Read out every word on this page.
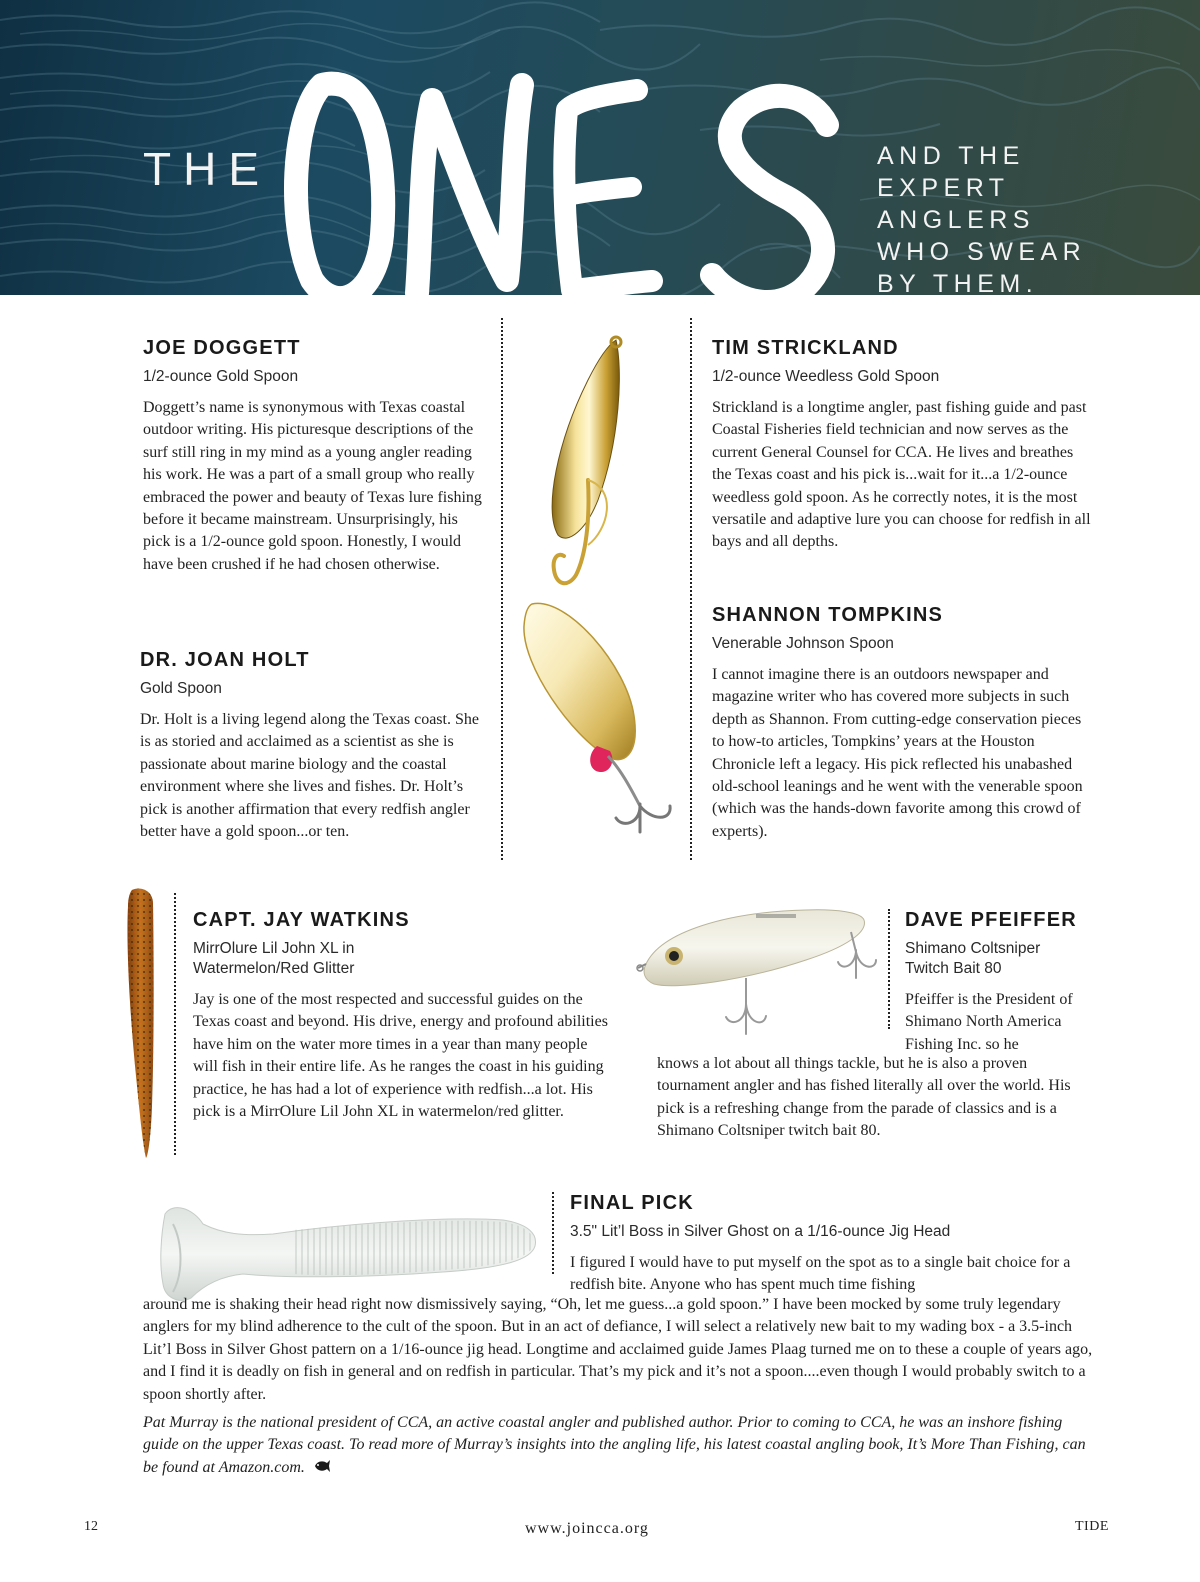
THE	AND THE
EXPERT
ANGLERS
WHO SWEAR
BY THEM.
JOE DOGGETT
1/2-ounce Gold Spoon
Doggett’s name is synonymous with Texas coastal outdoor writing. His picturesque descriptions of the surf still ring in my mind as a young angler reading his work. He was a part of a small group who really embraced the power and beauty of Texas lure fishing before it became mainstream. Unsurprisingly, his pick is a 1/2-ounce gold spoon. Honestly, I would have been crushed if he had chosen otherwise.
DR. JOAN HOLT
Gold Spoon
Dr. Holt is a living legend along the Texas coast. She is as storied and acclaimed as a scientist as she is passionate about marine biology and the coastal environment where she lives and fishes. Dr. Holt’s pick is another affirmation that every redfish angler better have a gold spoon...or ten.
TIM STRICKLAND
1/2-ounce Weedless Gold Spoon
Strickland is a longtime angler, past fishing guide and past Coastal Fisheries field technician and now serves as the current General Counsel for CCA. He lives and breathes the Texas coast and his pick is...wait for it...a 1/2-ounce weedless gold spoon. As he correctly notes, it is the most versatile and adaptive lure you can choose for redfish in all bays and all depths.
SHANNON TOMPKINS
Venerable Johnson Spoon
I cannot imagine there is an outdoors newspaper and magazine writer who has covered more subjects in such depth as Shannon. From cutting-edge conservation pieces to how-to articles, Tompkins’ years at the Houston Chronicle left a legacy. His pick reflected his unabashed old-school leanings and he went with the venerable spoon (which was the hands-down favorite among this crowd of experts).
CAPT. JAY WATKINS
MirrOlure Lil John XL in
Watermelon/Red Glitter
Jay is one of the most respected and successful guides on the Texas coast and beyond. His drive, energy and profound abilities have him on the water more times in a year than many people will fish in their entire life. As he ranges the coast in his guiding practice, he has had a lot of experience with redfish...a lot. His pick is a MirrOlure Lil John XL in watermelon/red glitter.
DAVE PFEIFFER
Shimano Coltsniper
Twitch Bait 80
Pfeiffer is the President of Shimano North America Fishing Inc. so he
knows a lot about all things tackle, but he is also a proven tournament angler and has fished literally all over the world. His pick is a refreshing change from the parade of classics and is a Shimano Coltsniper twitch bait 80.
FINAL PICK
3.5" Lit’l Boss in Silver Ghost on a 1/16-ounce Jig Head
I figured I would have to put myself on the spot as to a single bait choice for a redfish bite. Anyone who has spent much time fishing
around me is shaking their head right now dismissively saying, “Oh, let me guess...a gold spoon.” I have been mocked by some truly legendary anglers for my blind adherence to the cult of the spoon. But in an act of defiance, I will select a relatively new bait to my wading box - a 3.5-inch Lit’l Boss in Silver Ghost pattern on a 1/16-ounce jig head. Longtime and acclaimed guide James Plaag turned me on to these a couple of years ago, and I find it is deadly on fish in general and on redfish in particular. That’s my pick and it’s not a spoon....even though I would probably switch to a spoon shortly after.
Pat Murray is the national president of CCA, an active coastal angler and published author. Prior to coming to CCA, he was an inshore fishing guide on the upper Texas coast. To read more of Murray’s insights into the angling life, his latest coastal angling book, It’s More Than Fishing, can be found at Amazon.com.
12	www.joincca.org	TIDE
